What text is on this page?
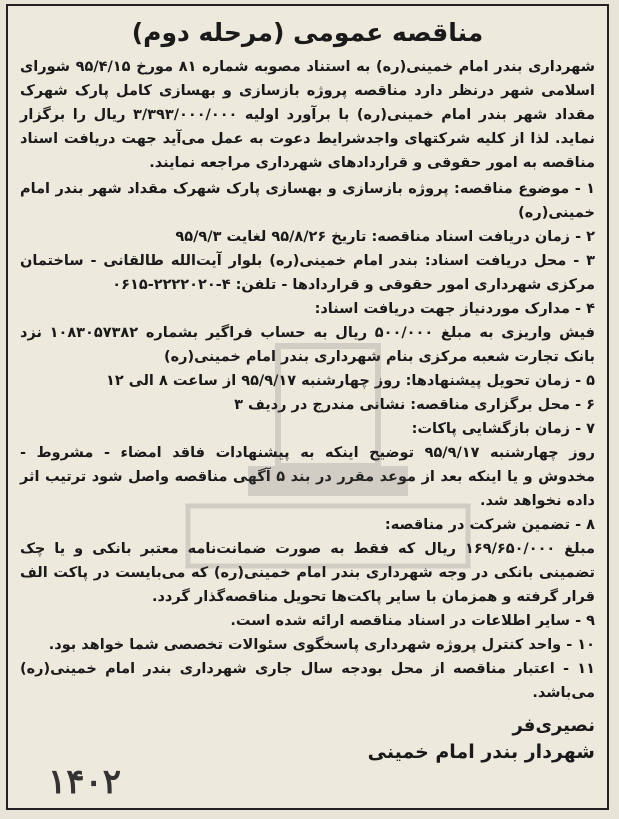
مناقصه عمومی (مرحله دوم)

شهرداری بندر امام خمینی(ره) به استناد مصوبه شماره ۸۱ مورخ ۹۵/۴/۱۵ شورای اسلامی شهر درنظر دارد مناقصه پروژه بازسازی و بهسازی کامل پارک شهرک مقداد شهر بندر امام خمینی(ره) با برآورد اولیه ۳/۳۹۳/۰۰۰/۰۰۰ ریال را برگزار نماید. لذا از کلیه شرکتهای واجدشرایط دعوت به عمل می‌آید جهت دریافت اسناد مناقصه به امور حقوقی و قراردادهای شهرداری مراجعه نمایند.

۱ - موضوع مناقصه: پروژه بازسازی و بهسازی پارک شهرک مقداد شهر بندر امام خمینی(ره)

۲ - زمان دریافت اسناد مناقصه: تاریخ ۹۵/۸/۲۶ لغایت ۹۵/۹/۳

۳ - محل دریافت اسناد: بندر امام خمینی(ره) بلوار آیت‌الله طالقانی - ساختمان مرکزی شهرداری امور حقوقی و قراردادها - تلفن: ۴-۲۲۲۲۰۲۰-۰۶۱۵

۴ - مدارک موردنیاز جهت دریافت اسناد:

فیش واریزی به مبلغ ۵۰۰/۰۰۰ ریال به حساب فراگیر بشماره ۱۰۸۳۰۵۷۳۸۲ نزد بانک تجارت شعبه مرکزی بنام شهرداری بندر امام خمینی(ره)

۵ - زمان تحویل پیشنهادها: روز چهارشنبه ۹۵/۹/۱۷ از ساعت ۸ الی ۱۲

۶ - محل برگزاری مناقصه: نشانی مندرج در ردیف ۳

۷ - زمان بازگشایی پاکات:

روز چهارشنبه ۹۵/۹/۱۷ توضیح اینکه به پیشنهادات فاقد امضاء - مشروط - مخدوش و یا اینکه بعد از موعد مقرر در بند ۵ آگهی مناقصه واصل شود ترتیب اثر داده نخواهد شد.

۸ - تضمین شرکت در مناقصه:

مبلغ ۱۶۹/۶۵۰/۰۰۰ ریال که فقط به صورت ضمانت‌نامه معتبر بانکی و یا چک تضمینی بانکی در وجه شهرداری بندر امام خمینی(ره) که می‌بایست در پاکت الف قرار گرفته و همزمان با سایر پاکت‌ها تحویل مناقصه‌گذار گردد.

۹ - سایر اطلاعات در اسناد مناقصه ارائه شده است.

۱۰ - واحد کنترل پروژه شهرداری پاسخگوی سئوالات تخصصی شما خواهد بود.

۱۱ - اعتبار مناقصه از محل بودجه سال جاری شهرداری بندر امام خمینی(ره) می‌باشد.

نصیری‌فر
شهردار بندر امام خمینی
۱۴۰۲
